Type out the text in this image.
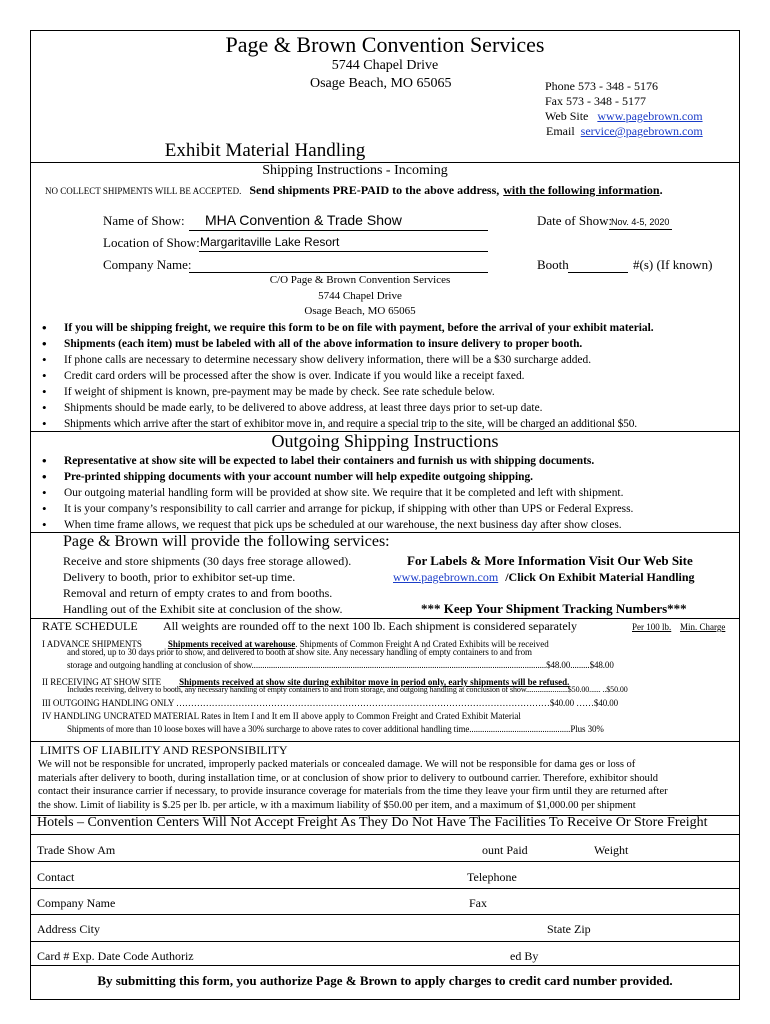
Page & Brown Convention Services
5744 Chapel Drive
Osage Beach, MO 65065	Phone 573 - 348 - 5176
Fax 573 - 348 - 5177
Web Site www.pagebrown.com
Email service@pagebrown.com
Exhibit Material Handling
Shipping Instructions - Incoming
NO COLLECT SHIPMENTS WILL BE ACCEPTED. Send shipments PRE-PAID to the above address, with the following information.
Name of Show: MHA Convention & Trade Show	Date of Show:
Nov. 4-5, 2020
Location of Show: Margaritaville Lake Resort
Company Name:	Booth	#(s) (If known)
C/O Page & Brown Convention Services
5744 Chapel Drive
Osage Beach, MO 65065
• If you will be shipping freight, we require this form to be on file with payment, before the arrival of your exhibit material.
• Shipments (each item) must be labeled with all of the above information to insure delivery to proper booth.
• If phone calls are necessary to determine necessary show delivery information, there will be a $30 surcharge added.
• Credit card orders will be processed after the show is over. Indicate if you would like a receipt faxed.
• If weight of shipment is known, pre-payment may be made by check. See rate schedule below.
• Shipments should be made early, to be delivered to above address, at least three days prior to set-up date.
• Shipments which arrive after the start of exhibitor move in, and require a special trip to the site, will be charged an additional $50.
Outgoing Shipping Instructions
• Representative at show site will be expected to label their containers and furnish us with shipping documents.
• Pre-printed shipping documents with your account number will help expedite outgoing shipping.
• Our outgoing material handling form will be provided at show site. We require that it be completed and left with shipment.
• It is your company’s responsibility to call carrier and arrange for pickup, if shipping with other than UPS or Federal Express.
• When time frame allows, we request that pick ups be scheduled at our warehouse, the next business day after show closes.
Page & Brown will provide the following services:
Receive and store shipments (30 days free storage allowed).
Delivery to booth, prior to exhibitor set-up time.
Removal and return of empty crates to and from booths.
Handling out of the Exhibit site at conclusion of the show.
For Labels & More Information Visit Our Web Site
www.pagebrown.com /Click On Exhibit Material Handling
*** Keep Your Shipment Tracking Numbers***
RATE SCHEDULE All weights are rounded off to the next 100 lb. Each shipment is considered separately	Per 100 lb. Min. Charge
I ADVANCE SHIPMENTS	Shipments received at warehouse. Shipments of Common Freight A nd Crated Exhibits will be received
and stored, up to 30 days prior to show, and delivered to booth at show site. Any necessary handling of empty containers to and from
storage and outgoing handling at conclusion of show.........................................................................................................................................$48.00.........$48.00
II RECEIVING AT SHOW SITE Shipments received at show site during exhibitor move in period only, early shipments will be refused.
Includes receiving, delivery to booth, any necessary handling of empty containers to and from storage, and outgoing handling at conclusion of show......................$50.00...... ..$50.00
III OUTGOING HANDLING ONLY ………………………………………………………………………………………………………………$40.00 ……$40.00
IV HANDLING UNCRATED MATERIAL Rates in Item I and It em II above apply to Common Freight and Crated Exhibit Material
Shipments of more than 10 loose boxes will have a 30% surcharge to above rates to cover additional handling time...............................................Plus 30%
LIMITS OF LIABILITY AND RESPONSIBILITY
We will not be responsible for uncrated, improperly packed materials or concealed damage. We will not be responsible for dama ges or loss of
materials after delivery to booth, during installation time, or at conclusion of show prior to delivery to outbound carrier. Therefore, exhibitor should
contact their insurance carrier if necessary, to provide insurance coverage for materials from the time they leave your firm until they are returned after
the show. Limit of liability is $.25 per lb. per article, w ith a maximum liability of $50.00 per item, and a maximum of $1,000.00 per shipment
Hotels – Convention Centers Will Not Accept Freight As They Do Not Have The Facilities To Receive Or Store Freight
Trade Show Am	ount Paid	Weight
Contact	Telephone
Company Name	Fax
Address City	State Zip
Card # Exp. Date Code Authoriz	ed By
By submitting this form, you authorize Page & Brown to apply charges to credit card number provided.
